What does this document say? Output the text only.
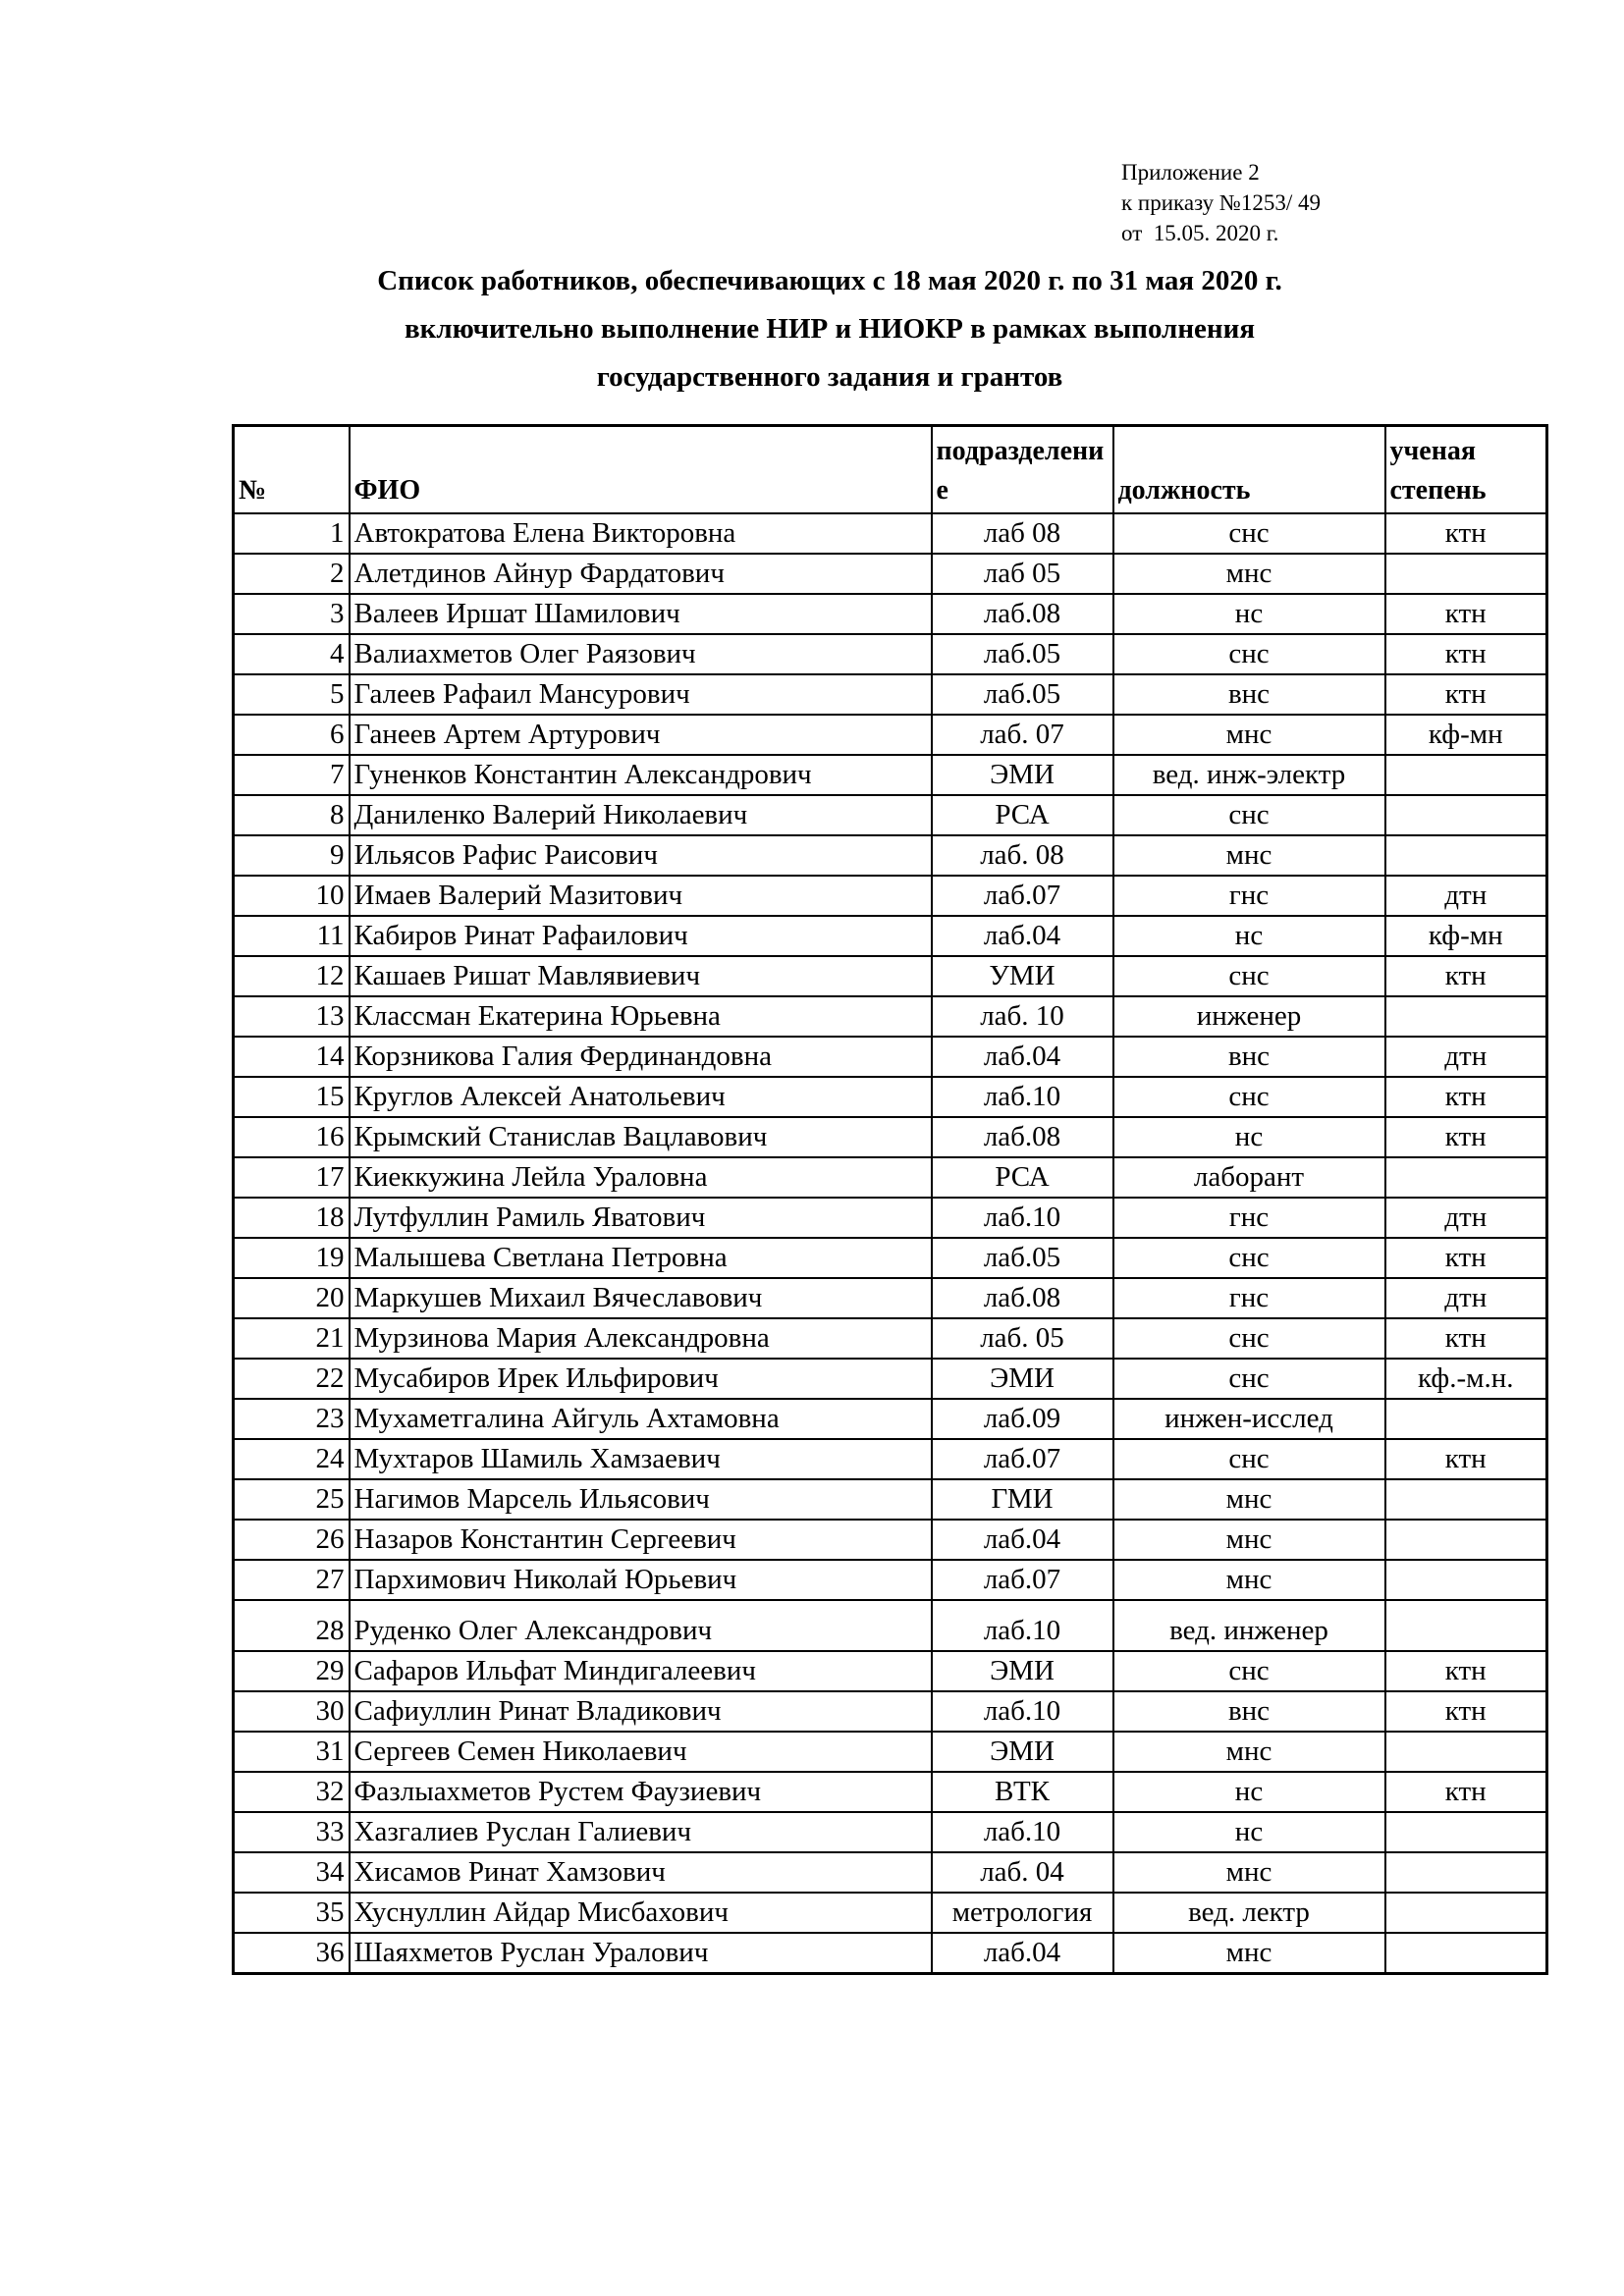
Приложение 2
к приказу №1253/ 49
от  15.05. 2020 г.
Список работников, обеспечивающих с 18 мая 2020 г. по 31 мая 2020 г.
включительно выполнение НИР и НИОКР в рамках выполнения
государственного задания и грантов
№	ФИО	подразделение	должность	ученая степень
1	Автократова Елена Викторовна	лаб 08	снс	ктн
2	Алетдинов Айнур Фардатович	лаб 05	мнс	
3	Валеев Иршат Шамилович	лаб.08	нс	ктн
4	Валиахметов Олег Раязович	лаб.05	снс	ктн
5	Галеев Рафаил Мансурович	лаб.05	внс	ктн
6	Ганеев Артем Артурович	лаб. 07	мнс	кф-мн
7	Гуненков Константин Александрович	ЭМИ	вед. инж-электр	
8	Даниленко Валерий Николаевич	РСА	снс	
9	Ильясов Рафис Раисович	лаб. 08	мнс	
10	Имаев Валерий Мазитович	лаб.07	гнс	дтн
11	Кабиров Ринат Рафаилович	лаб.04	нс	кф-мн
12	Кашаев Ришат Мавлявиевич	УМИ	снс	ктн
13	Классман Екатерина Юрьевна	лаб. 10	инженер	
14	Корзникова Галия Фердинандовна	лаб.04	внс	дтн
15	Круглов Алексей Анатольевич	лаб.10	снс	ктн
16	Крымский Станислав Вацлавович	лаб.08	нс	ктн
17	Киеккужина Лейла Ураловна	РСА	лаборант	
18	Лутфуллин Рамиль Яватович	лаб.10	гнс	дтн
19	Малышева Светлана Петровна	лаб.05	снс	ктн
20	Маркушев Михаил Вячеславович	лаб.08	гнс	дтн
21	Мурзинова Мария Александровна	лаб. 05	снс	ктн
22	Мусабиров Ирек Ильфирович	ЭМИ	снс	кф.-м.н.
23	Мухаметгалина Айгуль Ахтамовна	лаб.09	инжен-исслед	
24	Мухтаров Шамиль Хамзаевич	лаб.07	снс	ктн
25	Нагимов Марсель Ильясович	ГМИ	мнс	
26	Назаров Константин Сергеевич	лаб.04	мнс	
27	Пархимович Николай Юрьевич	лаб.07	мнс	
28	Руденко Олег Александрович	лаб.10	вед. инженер	
29	Сафаров Ильфат Миндигалеевич	ЭМИ	снс	ктн
30	Сафиуллин Ринат Владикович	лаб.10	внс	ктн
31	Сергеев Семен Николаевич	ЭМИ	мнс	
32	Фазлыахметов Рустем Фаузиевич	ВТК	нс	ктн
33	Хазгалиев Руслан Галиевич	лаб.10	нс	
34	Хисамов Ринат Хамзович	лаб. 04	мнс	
35	Хуснуллин Айдар Мисбахович	метрология	вед. лектр	
36	Шаяхметов Руслан Уралович	лаб.04	мнс	
